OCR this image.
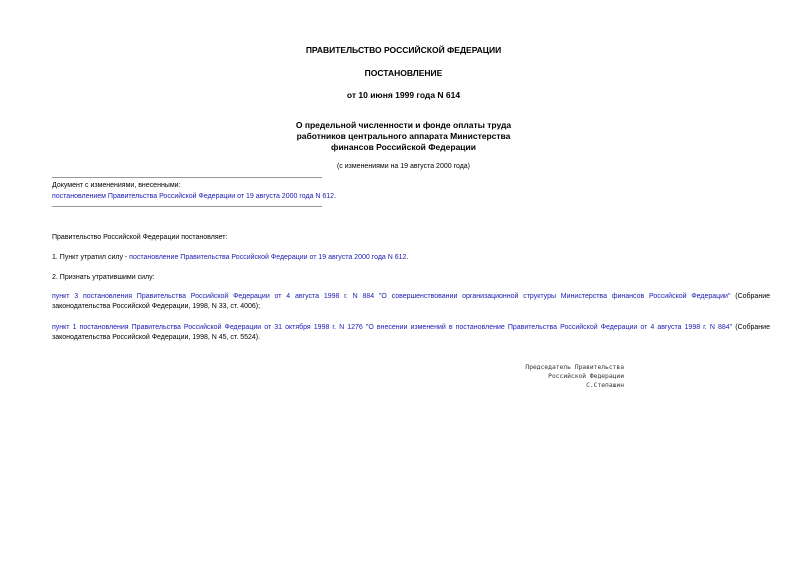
ПРАВИТЕЛЬСТВО РОССИЙСКОЙ ФЕДЕРАЦИИ
ПОСТАНОВЛЕНИЕ
от 10 июня 1999 года N 614
О предельной численности и фонде оплаты труда
работников центрального аппарата Министерства
финансов Российской Федерации
(с изменениями на 19 августа 2000 года)
Документ с изменениями, внесенными:
постановлением Правительства Российской Федерации от 19 августа 2000 года N 612.
Правительство Российской Федерации постановляет:
1. Пункт утратил силу - постановление Правительства Российской Федерации от 19 августа 2000 года N 612.
2. Признать утратившими силу:
пункт 3 постановления Правительства Российской Федерации от 4 августа 1998 г. N 884 "О совершенствовании организационной структуры Министерства финансов Российской Федерации" (Собрание законодательства Российской Федерации, 1998, N 33, ст. 4006);
пункт 1 постановления Правительства Российской Федерации от 31 октября 1998 г. N 1276 "О внесении изменений в постановление Правительства Российской Федерации от 4 августа 1998 г. N 884" (Собрание законодательства Российской Федерации, 1998, N 45, ст. 5524).
Председатель Правительства
Российской Федерации
С.Степашин
